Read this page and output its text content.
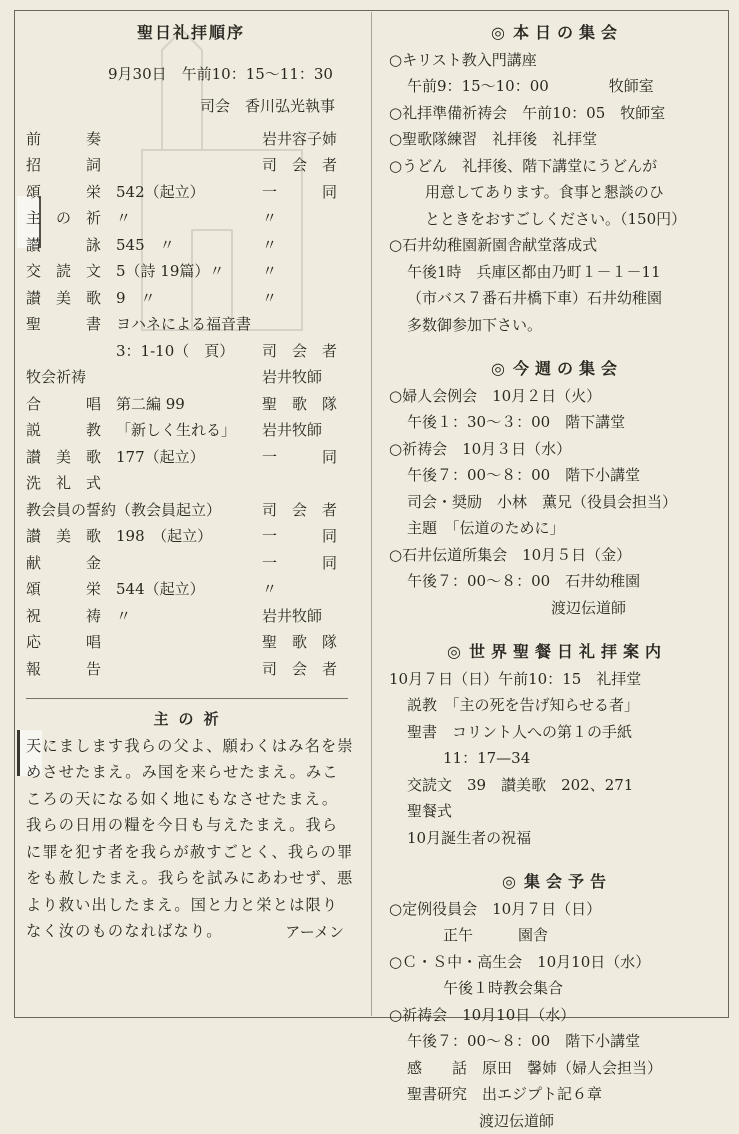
聖日礼拝順序
9月30日　午前10：15〜11：30
司会　香川弘光執事
前　　　奏	岩井容子姉
招　　　詞	司　会　者
頌　　　栄 542（起立）	一　　　同
主　の　祈 〃	〃
讃　　　詠 545　〃	〃
交　読　文 5（詩 19篇）〃	〃
讃　美　歌 9　〃	〃
聖　　　書 ヨハネによる福音書
3：1-10（　頁） 司　会　者
牧会祈祷	岩井牧師
合　　　唱 第二編 99	聖　歌　隊
説　　　教 「新しく生れる」 岩井牧師
讃　美　歌 177（起立）	一　　　同
洗　礼　式
教会員の誓約（教会員起立）	司　会　者
讃　美　歌 198　（起立）	一　　　同
献　　　金	一　　　同
頌　　　栄 544（起立）	〃
祝　　　祷 〃	岩井牧師
応　　　唱	聖　歌　隊
報　　　告	司　会　者
主の祈
天にまします我らの父よ、願わくはみ名を崇めさせたまえ。み国を来らせたまえ。みこころの天になる如く地にもなさせたまえ。我らの日用の糧を今日も与えたまえ。我らに罪を犯す者を我らが赦すごとく、我らの罪をも赦したまえ。我らを試みにあわせず、悪より救い出したまえ。国と力と栄とは限りなく汝のものなればなり。	アーメン
◎ 本日の集会
○キリスト教入門講座
午前9：15〜10：00　　　　牧師室
○礼拝準備祈祷会　午前10：05　牧師室
○聖歌隊練習　礼拝後　礼拝堂
○うどん　礼拝後、階下講堂にうどんが
用意してあります。食事と懇談のひ
とときをおすごしください。（150円）
○石井幼稚園新園舎献堂落成式
午後1時　兵庫区都由乃町１－１－11
（市バス７番石井橋下車）石井幼稚園
多数御参加下さい。
◎ 今週の集会
○婦人会例会　10月２日（火）
午後１：30〜３：00　階下講堂
○祈祷会　10月３日（水）
午後７：00〜８：00　階下小講堂
司会・奨励　小林　薫兄（役員会担当）
主題　「伝道のために」
○石井伝道所集会　10月５日（金）
午後７：00〜８：00　石井幼稚園
渡辺伝道師
◎ 世界聖餐日礼拝案内
10月７日（日）午前10：15　礼拝堂
説教　「主の死を告げ知らせる者」
聖書　コリント人への第１の手紙
11：17—34
交読文　39　讃美歌　202、271
聖餐式
10月誕生者の祝福
◎ 集会予告
○定例役員会　10月７日（日）
正午　　　園舎
○Ｃ・Ｓ中・高生会　10月10日（水）
午後１時教会集合
○祈祷会　10月10日（水）
午後７：00〜８：00　階下小講堂
感　　話　原田　馨姉（婦人会担当）
聖書研究　出エジプト記６章
渡辺伝道師
